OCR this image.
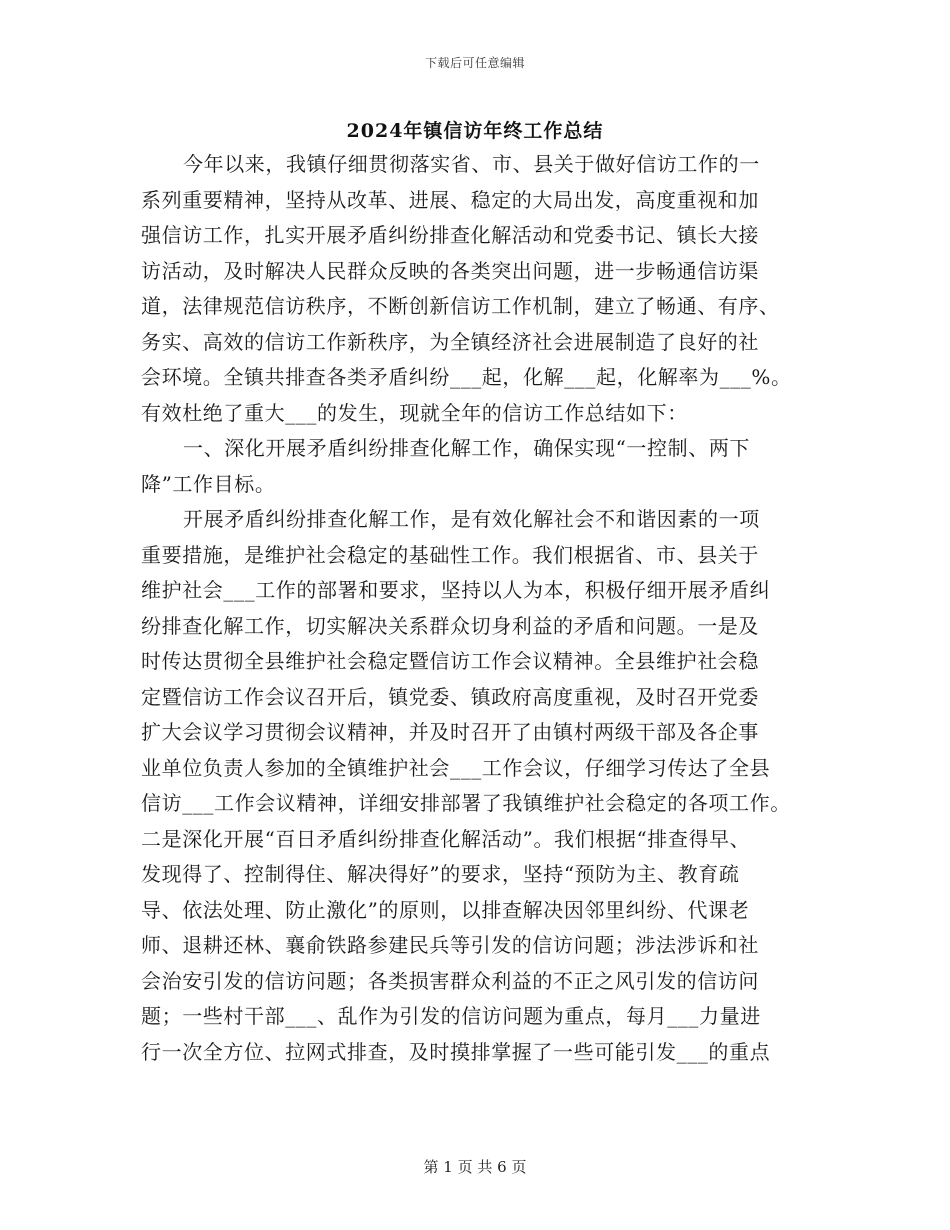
下载后可任意编辑
2024年镇信访年终工作总结
今年以来，我镇仔细贯彻落实省、市、县关于做好信访工作的一
系列重要精神，坚持从改革、进展、稳定的大局出发，高度重视和加
强信访工作，扎实开展矛盾纠纷排查化解活动和党委书记、镇长大接
访活动，及时解决人民群众反映的各类突出问题，进一步畅通信访渠
道，法律规范信访秩序，不断创新信访工作机制，建立了畅通、有序、
务实、高效的信访工作新秩序，为全镇经济社会进展制造了良好的社
会环境。全镇共排查各类矛盾纠纷___起，化解___起，化解率为___%。
有效杜绝了重大___的发生，现就全年的信访工作总结如下：
一、深化开展矛盾纠纷排查化解工作，确保实现“一控制、两下
降”工作目标。
开展矛盾纠纷排查化解工作，是有效化解社会不和谐因素的一项
重要措施，是维护社会稳定的基础性工作。我们根据省、市、县关于
维护社会___工作的部署和要求，坚持以人为本，积极仔细开展矛盾纠
纷排查化解工作，切实解决关系群众切身利益的矛盾和问题。一是及
时传达贯彻全县维护社会稳定暨信访工作会议精神。全县维护社会稳
定暨信访工作会议召开后，镇党委、镇政府高度重视，及时召开党委
扩大会议学习贯彻会议精神，并及时召开了由镇村两级干部及各企事
业单位负责人参加的全镇维护社会___工作会议，仔细学习传达了全县
信访___工作会议精神，详细安排部署了我镇维护社会稳定的各项工作。
二是深化开展“百日矛盾纠纷排查化解活动”。我们根据“排查得早、
发现得了、控制得住、解决得好”的要求，坚持“预防为主、教育疏
导、依法处理、防止激化”的原则，以排查解决因邻里纠纷、代课老
师、退耕还林、襄俞铁路参建民兵等引发的信访问题；涉法涉诉和社
会治安引发的信访问题；各类损害群众利益的不正之风引发的信访问
题；一些村干部___、乱作为引发的信访问题为重点，每月___力量进
行一次全方位、拉网式排查，及时摸排掌握了一些可能引发___的重点
第 1 页 共 6 页
